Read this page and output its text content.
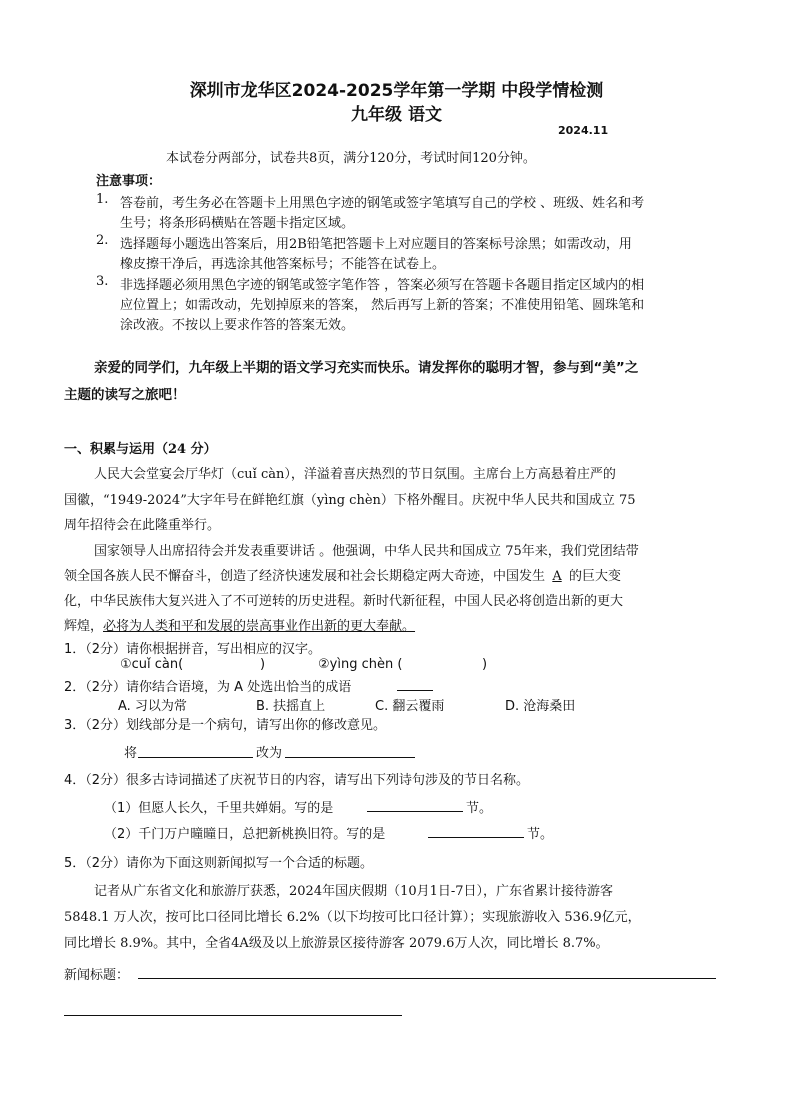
深圳市龙华区2024-2025学年第一学期 中段学情检测
九年级 语文
2024.11
本试卷分两部分，试卷共8页，满分120分，考试时间120分钟。
注意事项：
1. 答卷前，考生务必在答题卡上用黑色字迹的钢笔或签字笔填写自己的学校 、班级、姓名和考
生号；将条形码横贴在答题卡指定区域。
2. 选择题每小题选出答案后，用2B铅笔把答题卡上对应题目的答案标号涂黑；如需改动，用
橡皮擦干净后，再选涂其他答案标号；不能答在试卷上。
3. 非选择题必须用黑色字迹的钢笔或签字笔作答 ，答案必须写在答题卡各题目指定区域内的相
应位置上；如需改动，先划掉原来的答案， 然后再写上新的答案；不准使用铅笔、圆珠笔和
涂改液。不按以上要求作答的答案无效。
亲爱的同学们，九年级上半期的语文学习充实而快乐。请发挥你的聪明才智，参与到“美”之
主题的读写之旅吧！
一、积累与运用（24 分）
人民大会堂宴会厅华灯（cuǐ càn），洋溢着喜庆热烈的节日氛围。主席台上方高悬着庄严的
国徽，“1949-2024”大字年号在鲜艳红旗（yìng chèn）下格外醒目。庆祝中华人民共和国成立 75
周年招待会在此隆重举行。
国家领导人出席招待会并发表重要讲话 。他强调，中华人民共和国成立 75年来，我们党团结带
领全国各族人民不懈奋斗，创造了经济快速发展和社会长期稳定两大奇迹，中国发生 A 的巨大变
化，中华民族伟大复兴进入了不可逆转的历史进程。新时代新征程，中国人民必将创造出新的更大
辉煌，必将为人类和平和发展的崇高事业作出新的更大奉献。
1．（2分）请你根据拼音，写出相应的汉字。
①cuǐ càn(	)	②yìng chèn (	)
2．（2分）请你结合语境，为 A 处选出恰当的成语
A. 习以为常	B. 扶摇直上	C. 翻云覆雨	D. 沧海桑田
3．（2分）划线部分是一个病句，请写出你的修改意见。
将	改为
4．（2分）很多古诗词描述了庆祝节日的内容，请写出下列诗句涉及的节日名称。
（1）但愿人长久，千里共婵娟。写的是	节。
（2）千门万户曈曈日，总把新桃换旧符。写的是	节。
5．（2分）请你为下面这则新闻拟写一个合适的标题。
记者从广东省文化和旅游厅获悉，2024年国庆假期（10月1日-7日），广东省累计接待游客
5848.1 万人次，按可比口径同比增长 6.2%（以下均按可比口径计算）；实现旅游收入 536.9亿元，
同比增长 8.9%。其中，全省4A级及以上旅游景区接待游客 2079.6万人次，同比增长 8.7%。
新闻标题：
